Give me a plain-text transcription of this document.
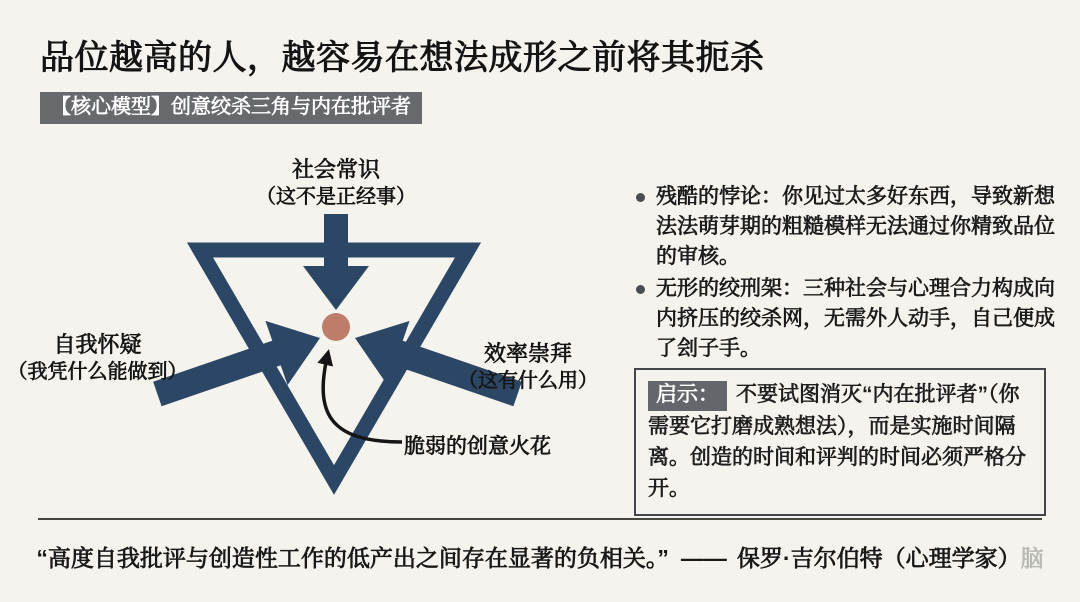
品位越高的人，越容易在想法成形之前将其扼杀
【核心模型】创意绞杀三角与内在批评者
社会常识
（这不是正经事）
自我怀疑
（我凭什么能做到）
效率崇拜
（这有什么用）
脆弱的创意火花

残酷的悖论：你见过太多好东西，导致新想法法萌芽期的粗糙模样无法通过你精致品位的审核。

无形的绞刑架：三种社会与心理合力构成向内挤压的绞杀网，无需外人动手，自己便成了刽子手。

启示： 不要试图消灭“内在批评者”（你需要它打磨成熟想法），而是实施时间隔离。创造的时间和评判的时间必须严格分开。
“高度自我批评与创造性工作的低产出之间存在显著的负相关。” —— 保罗·吉尔伯特（心理学家）脑
